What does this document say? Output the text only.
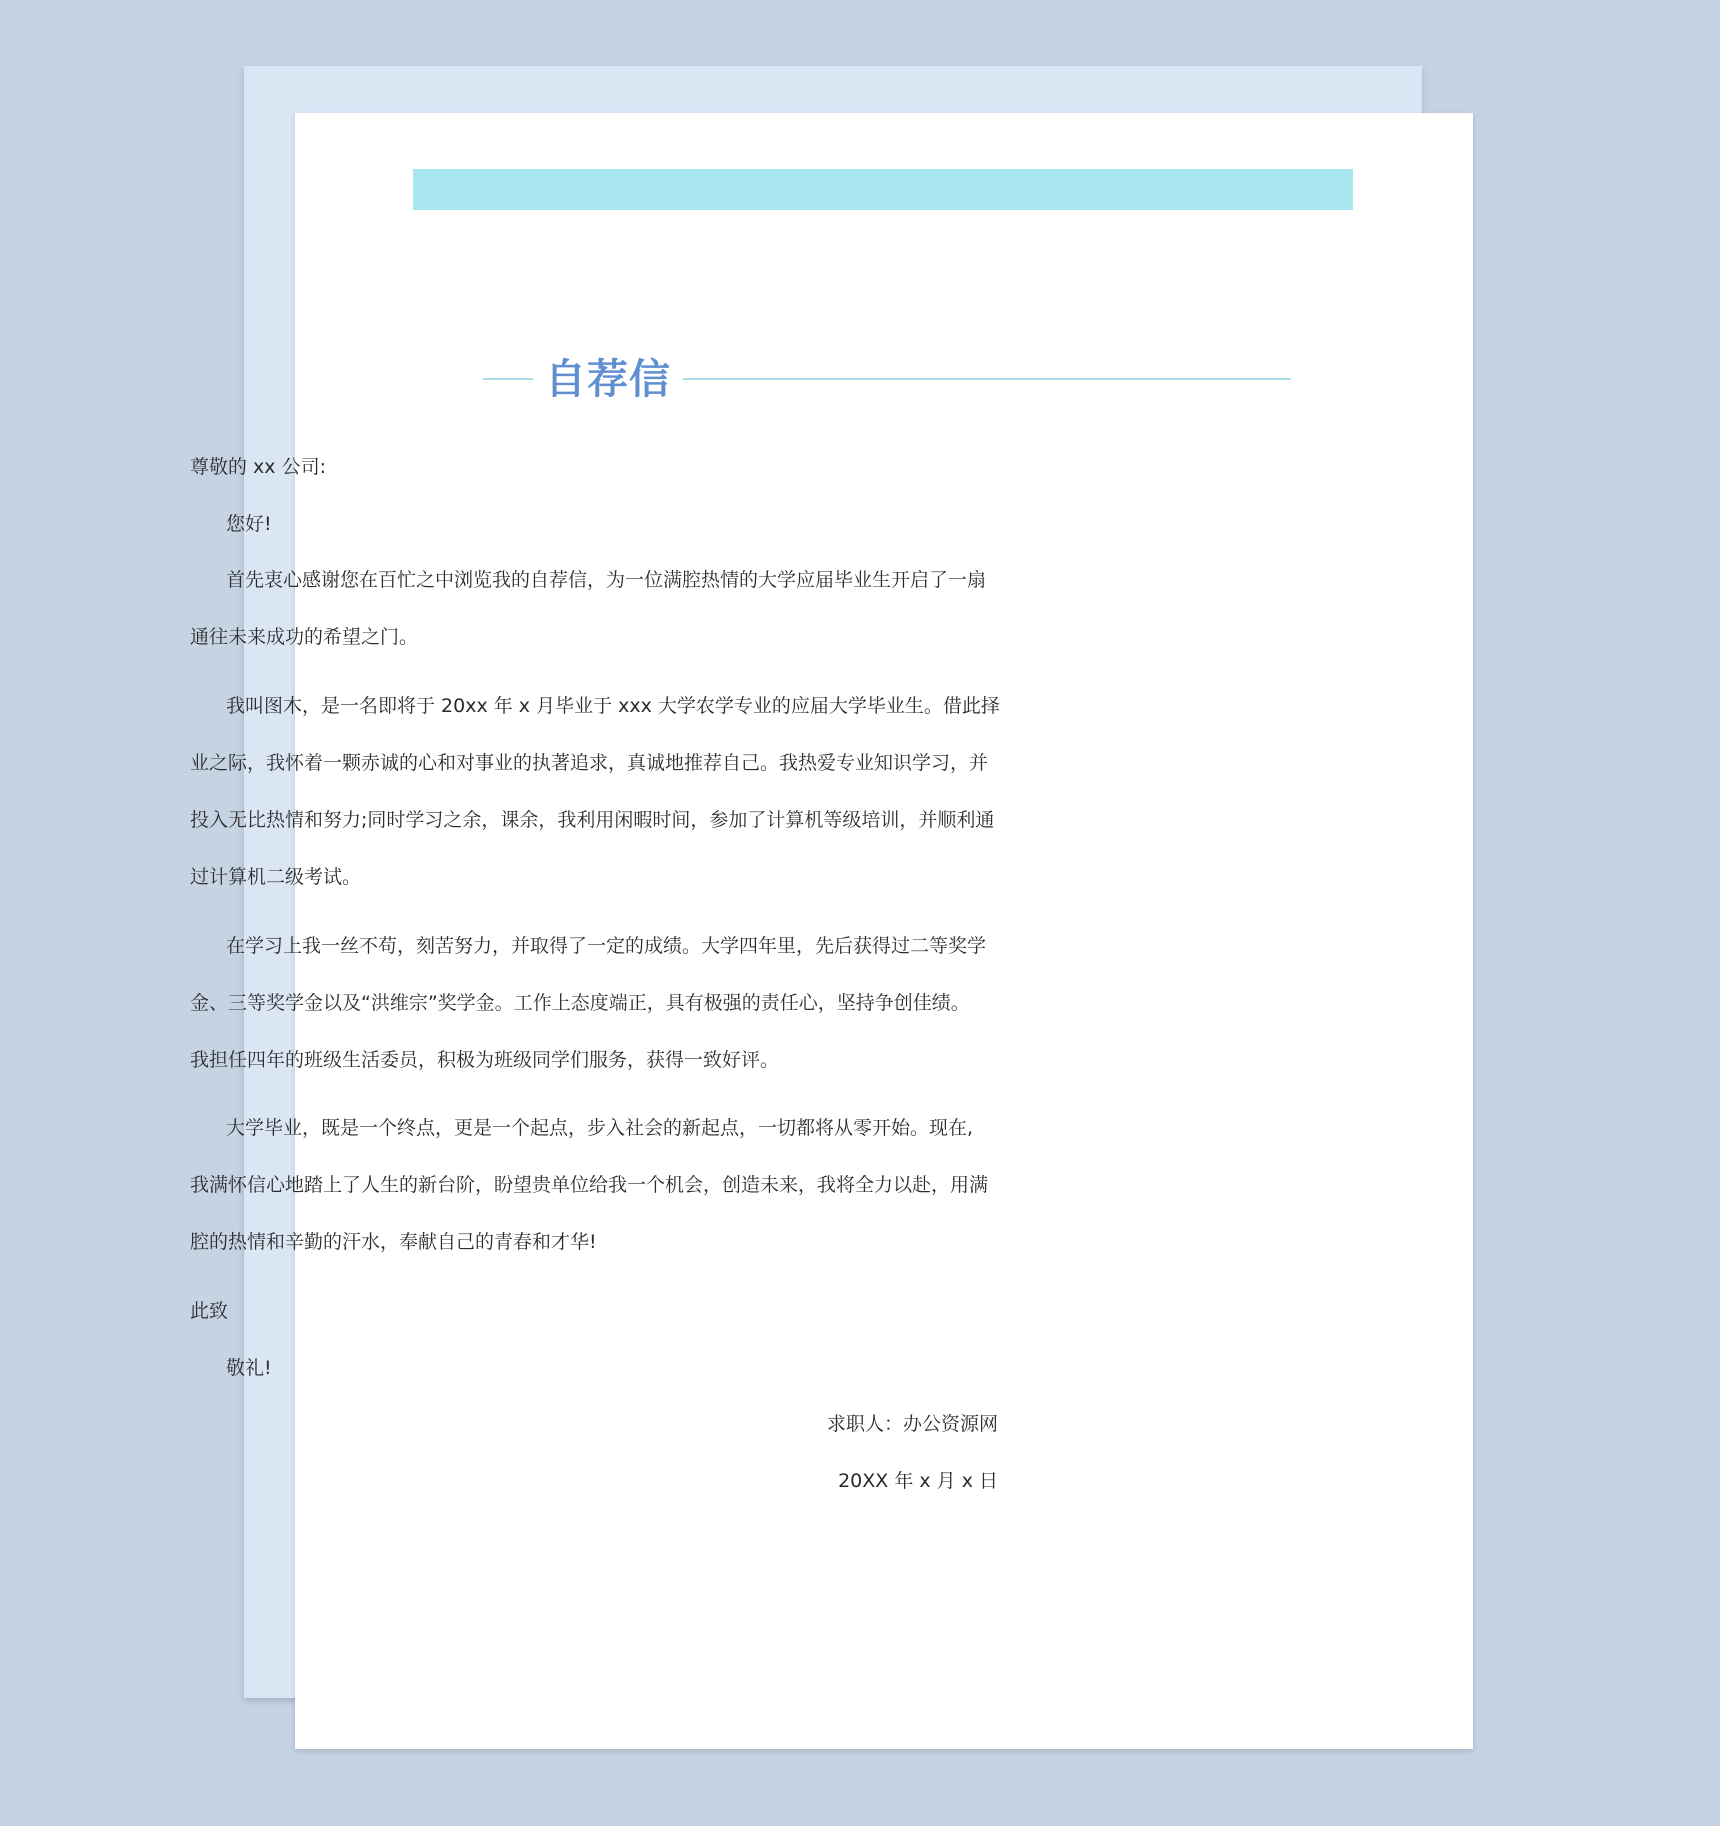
自荐信
尊敬的 xx 公司:
您好!
首先衷心感谢您在百忙之中浏览我的自荐信，为一位满腔热情的大学应届毕业生开启了一扇
通往未来成功的希望之门。
我叫图木，是一名即将于 20xx 年 x 月毕业于 xxx 大学农学专业的应届大学毕业生。借此择
业之际，我怀着一颗赤诚的心和对事业的执著追求，真诚地推荐自己。我热爱专业知识学习，并
投入无比热情和努力;同时学习之余，课余，我利用闲暇时间，参加了计算机等级培训，并顺利通
过计算机二级考试。
在学习上我一丝不苟，刻苦努力，并取得了一定的成绩。大学四年里，先后获得过二等奖学
金、三等奖学金以及“洪维宗”奖学金。工作上态度端正，具有极强的责任心，坚持争创佳绩。
我担任四年的班级生活委员，积极为班级同学们服务，获得一致好评。
大学毕业，既是一个终点，更是一个起点，步入社会的新起点，一切都将从零开始。现在,
我满怀信心地踏上了人生的新台阶，盼望贵单位给我一个机会，创造未来，我将全力以赴，用满
腔的热情和辛勤的汗水，奉献自己的青春和才华!
此致
敬礼!
求职人：办公资源网
20XX 年 x 月 x 日
